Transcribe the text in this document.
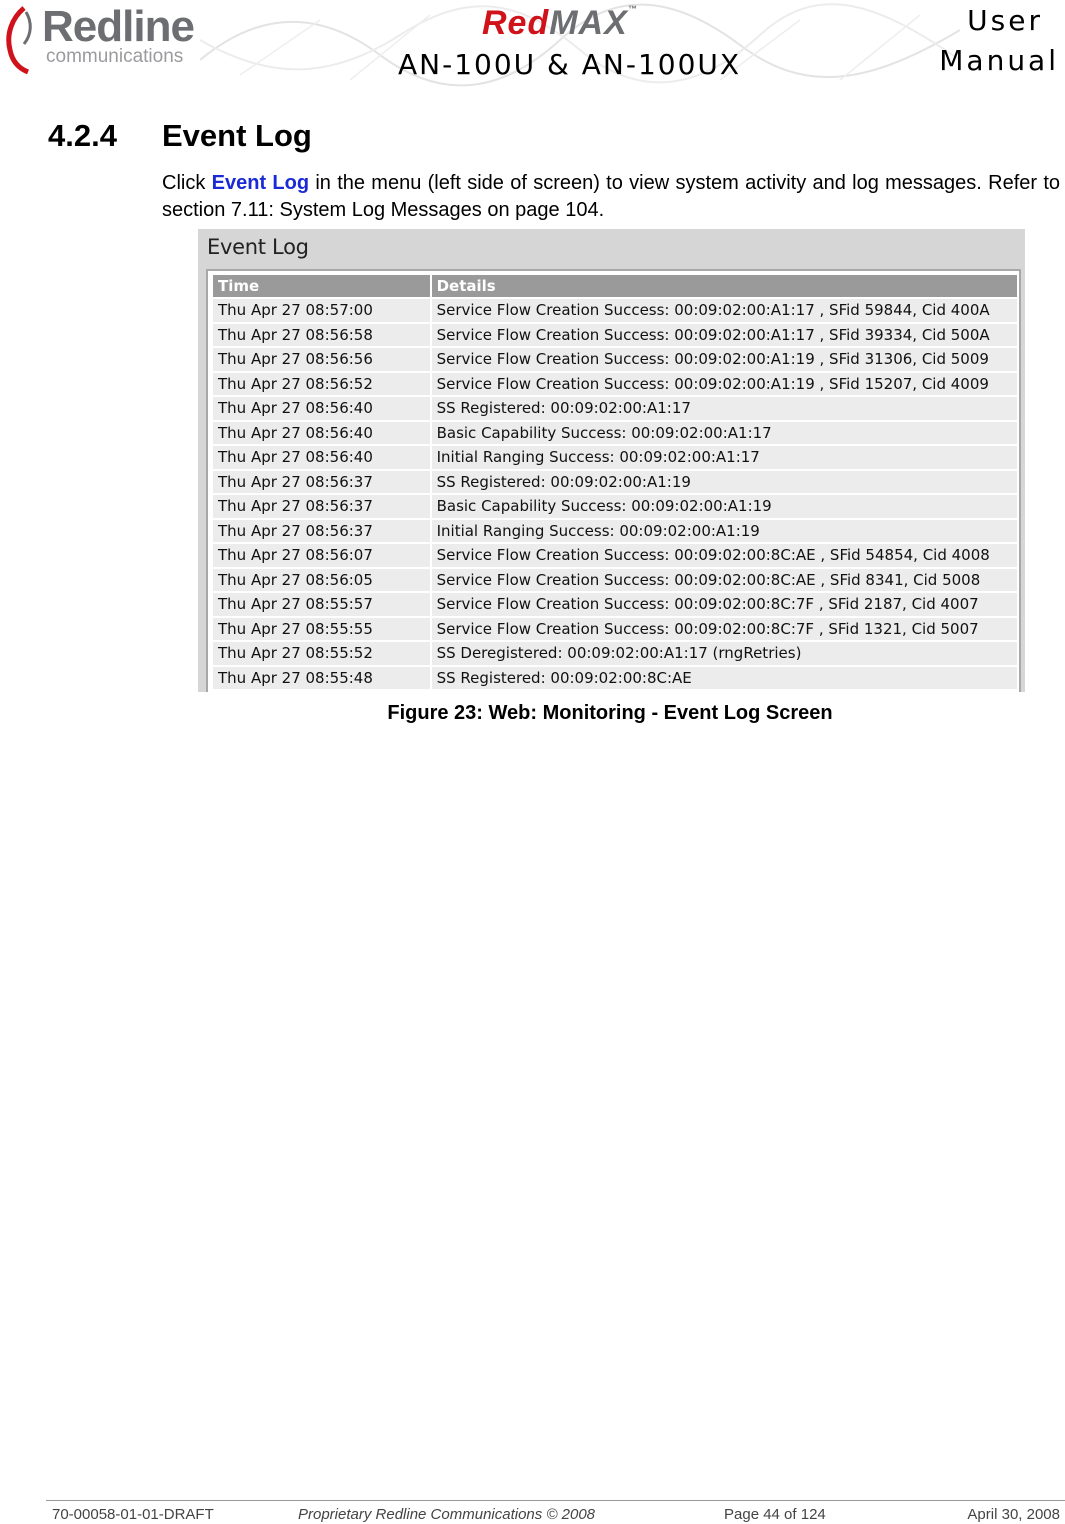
Redline
communications
RedMAX™
AN-100U & AN-100UX
User
Manual
4.2.4 Event Log
Click Event Log in the menu (left side of screen) to view system activity and log messages. Refer to section 7.11: System Log Messages on page 104.
Event Log
Time	Details
Thu Apr 27 08:57:00	Service Flow Creation Success: 00:09:02:00:A1:17 , SFid 59844, Cid 400A
Thu Apr 27 08:56:58	Service Flow Creation Success: 00:09:02:00:A1:17 , SFid 39334, Cid 500A
Thu Apr 27 08:56:56	Service Flow Creation Success: 00:09:02:00:A1:19 , SFid 31306, Cid 5009
Thu Apr 27 08:56:52	Service Flow Creation Success: 00:09:02:00:A1:19 , SFid 15207, Cid 4009
Thu Apr 27 08:56:40	SS Registered: 00:09:02:00:A1:17
Thu Apr 27 08:56:40	Basic Capability Success: 00:09:02:00:A1:17
Thu Apr 27 08:56:40	Initial Ranging Success: 00:09:02:00:A1:17
Thu Apr 27 08:56:37	SS Registered: 00:09:02:00:A1:19
Thu Apr 27 08:56:37	Basic Capability Success: 00:09:02:00:A1:19
Thu Apr 27 08:56:37	Initial Ranging Success: 00:09:02:00:A1:19
Thu Apr 27 08:56:07	Service Flow Creation Success: 00:09:02:00:8C:AE , SFid 54854, Cid 4008
Thu Apr 27 08:56:05	Service Flow Creation Success: 00:09:02:00:8C:AE , SFid 8341, Cid 5008
Thu Apr 27 08:55:57	Service Flow Creation Success: 00:09:02:00:8C:7F , SFid 2187, Cid 4007
Thu Apr 27 08:55:55	Service Flow Creation Success: 00:09:02:00:8C:7F , SFid 1321, Cid 5007
Thu Apr 27 08:55:52	SS Deregistered: 00:09:02:00:A1:17 (rngRetries)
Thu Apr 27 08:55:48	SS Registered: 00:09:02:00:8C:AE
Figure 23: Web: Monitoring - Event Log Screen
70-00058-01-01-DRAFT	Proprietary Redline Communications © 2008	Page 44 of 124	April 30, 2008
